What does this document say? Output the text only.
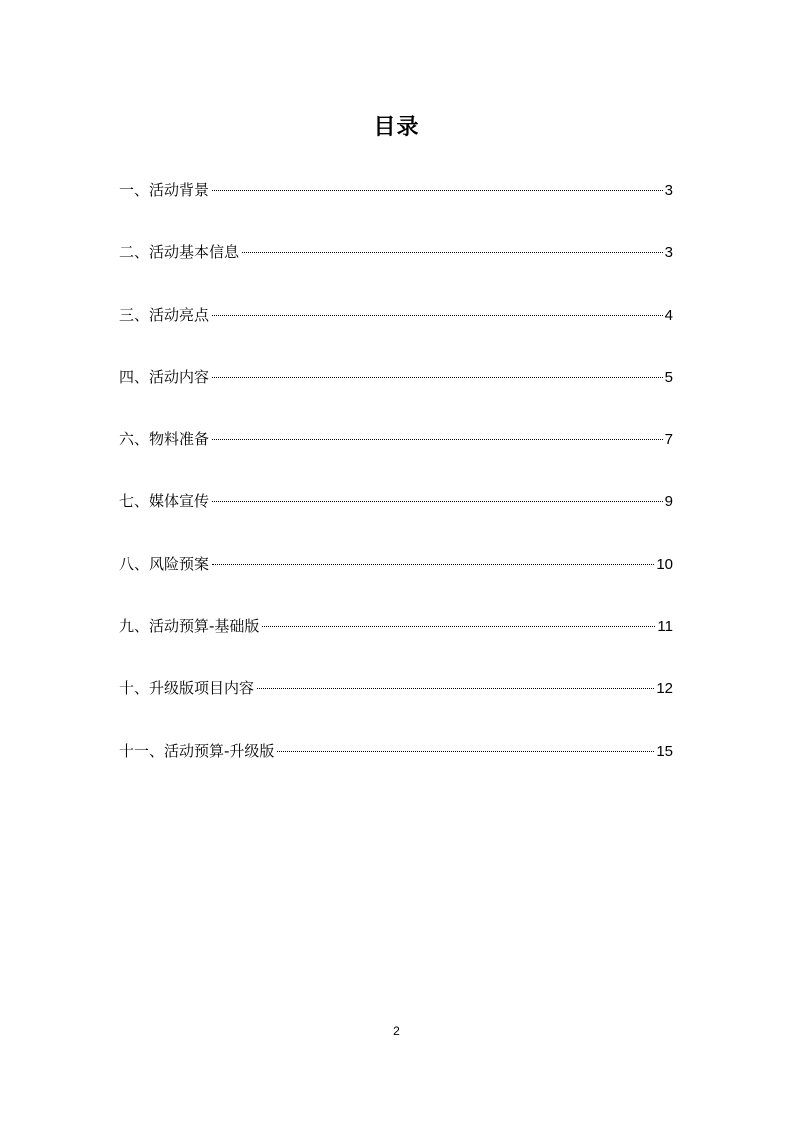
目录
一、活动背景	3
二、活动基本信息	3
三、活动亮点	4
四、活动内容	5
六、物料准备	7
七、媒体宣传	9
八、风险预案	10
九、活动预算-基础版	11
十、升级版项目内容	12
十一、活动预算-升级版	15
2
